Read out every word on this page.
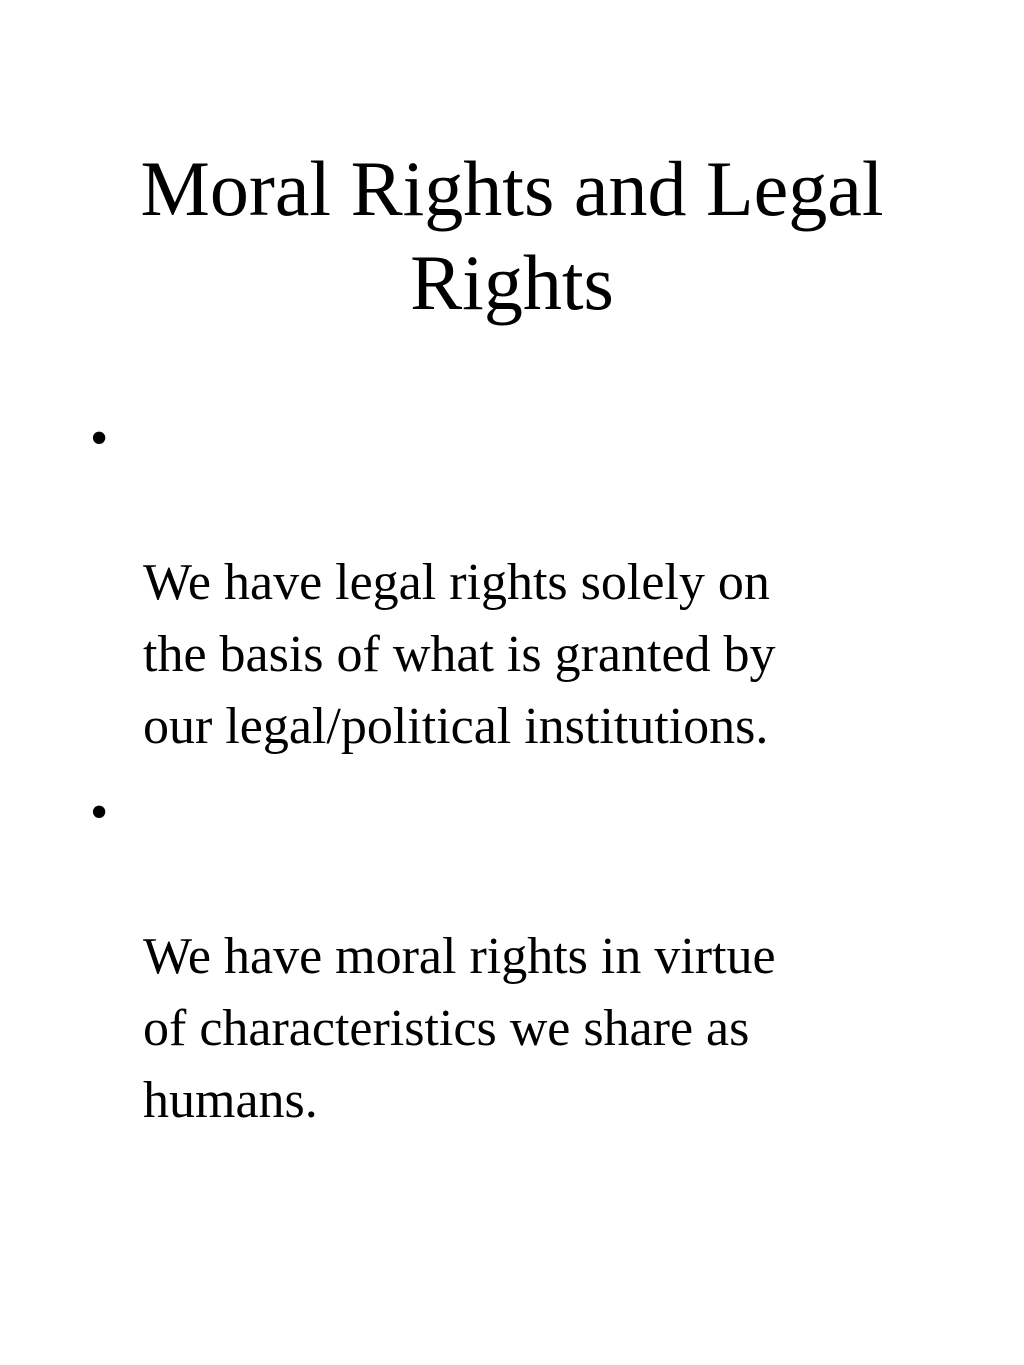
Moral Rights and Legal
Rights

•

We have legal rights solely on
the basis of what is granted by
our legal/political institutions.

•

We have moral rights in virtue
of characteristics we share as
humans.
